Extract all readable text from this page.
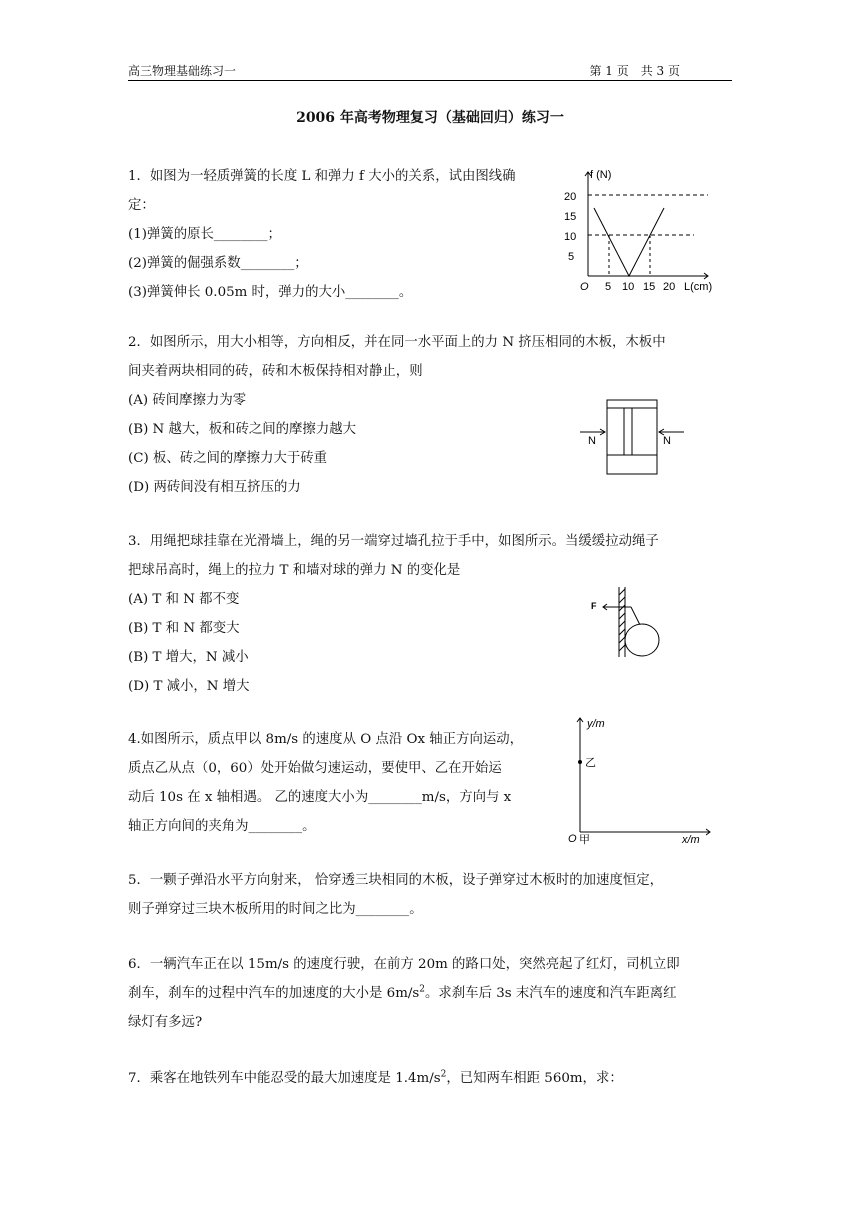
高三物理基础练习一	第 1 页　共 3 页
2006 年高考物理复习（基础回归）练习一
1．如图为一轻质弹簧的长度 L 和弹力 f 大小的关系，试由图线确
定：
(1)弹簧的原长________；
(2)弹簧的倔强系数________；
(3)弹簧伸长 0.05m 时，弹力的大小________。
f (N)
5
10
15
20
O 5 10 15 20 L(cm)
2．如图所示，用大小相等，方向相反，并在同一水平面上的力 N 挤压相同的木板，木板中
间夹着两块相同的砖，砖和木板保持相对静止，则
(A) 砖间摩擦力为零
(B) N 越大，板和砖之间的摩擦力越大
(C) 板、砖之间的摩擦力大于砖重
(D) 两砖间没有相互挤压的力
N	N
3．用绳把球挂靠在光滑墙上，绳的另一端穿过墙孔拉于手中，如图所示。当缓缓拉动绳子
把球吊高时，绳上的拉力 T 和墙对球的弹力 N 的变化是
(A) T 和 N 都不变
(B) T 和 N 都变大
(B) T 增大，N 减小
(D) T 减小，N 增大
F
4.如图所示，质点甲以 8m/s 的速度从 O 点沿 Ox 轴正方向运动，
质点乙从点（0，60）处开始做匀速运动，要使甲、乙在开始运
动后 10s 在 x 轴相遇。 乙的速度大小为________m/s，方向与 x
轴正方向间的夹角为________。
y/m
O 甲
乙
x/m
5．一颗子弹沿水平方向射来， 恰穿透三块相同的木板，设子弹穿过木板时的加速度恒定，
则子弹穿过三块木板所用的时间之比为________。
6．一辆汽车正在以 15m/s 的速度行驶，在前方 20m 的路口处，突然亮起了红灯，司机立即
刹车，刹车的过程中汽车的加速度的大小是 $6m/s^2$。求刹车后 3s 末汽车的速度和汽车距离红
绿灯有多远?
7．乘客在地铁列车中能忍受的最大加速度是 $1.4m/s^2$，已知两车相距 560m，求：
